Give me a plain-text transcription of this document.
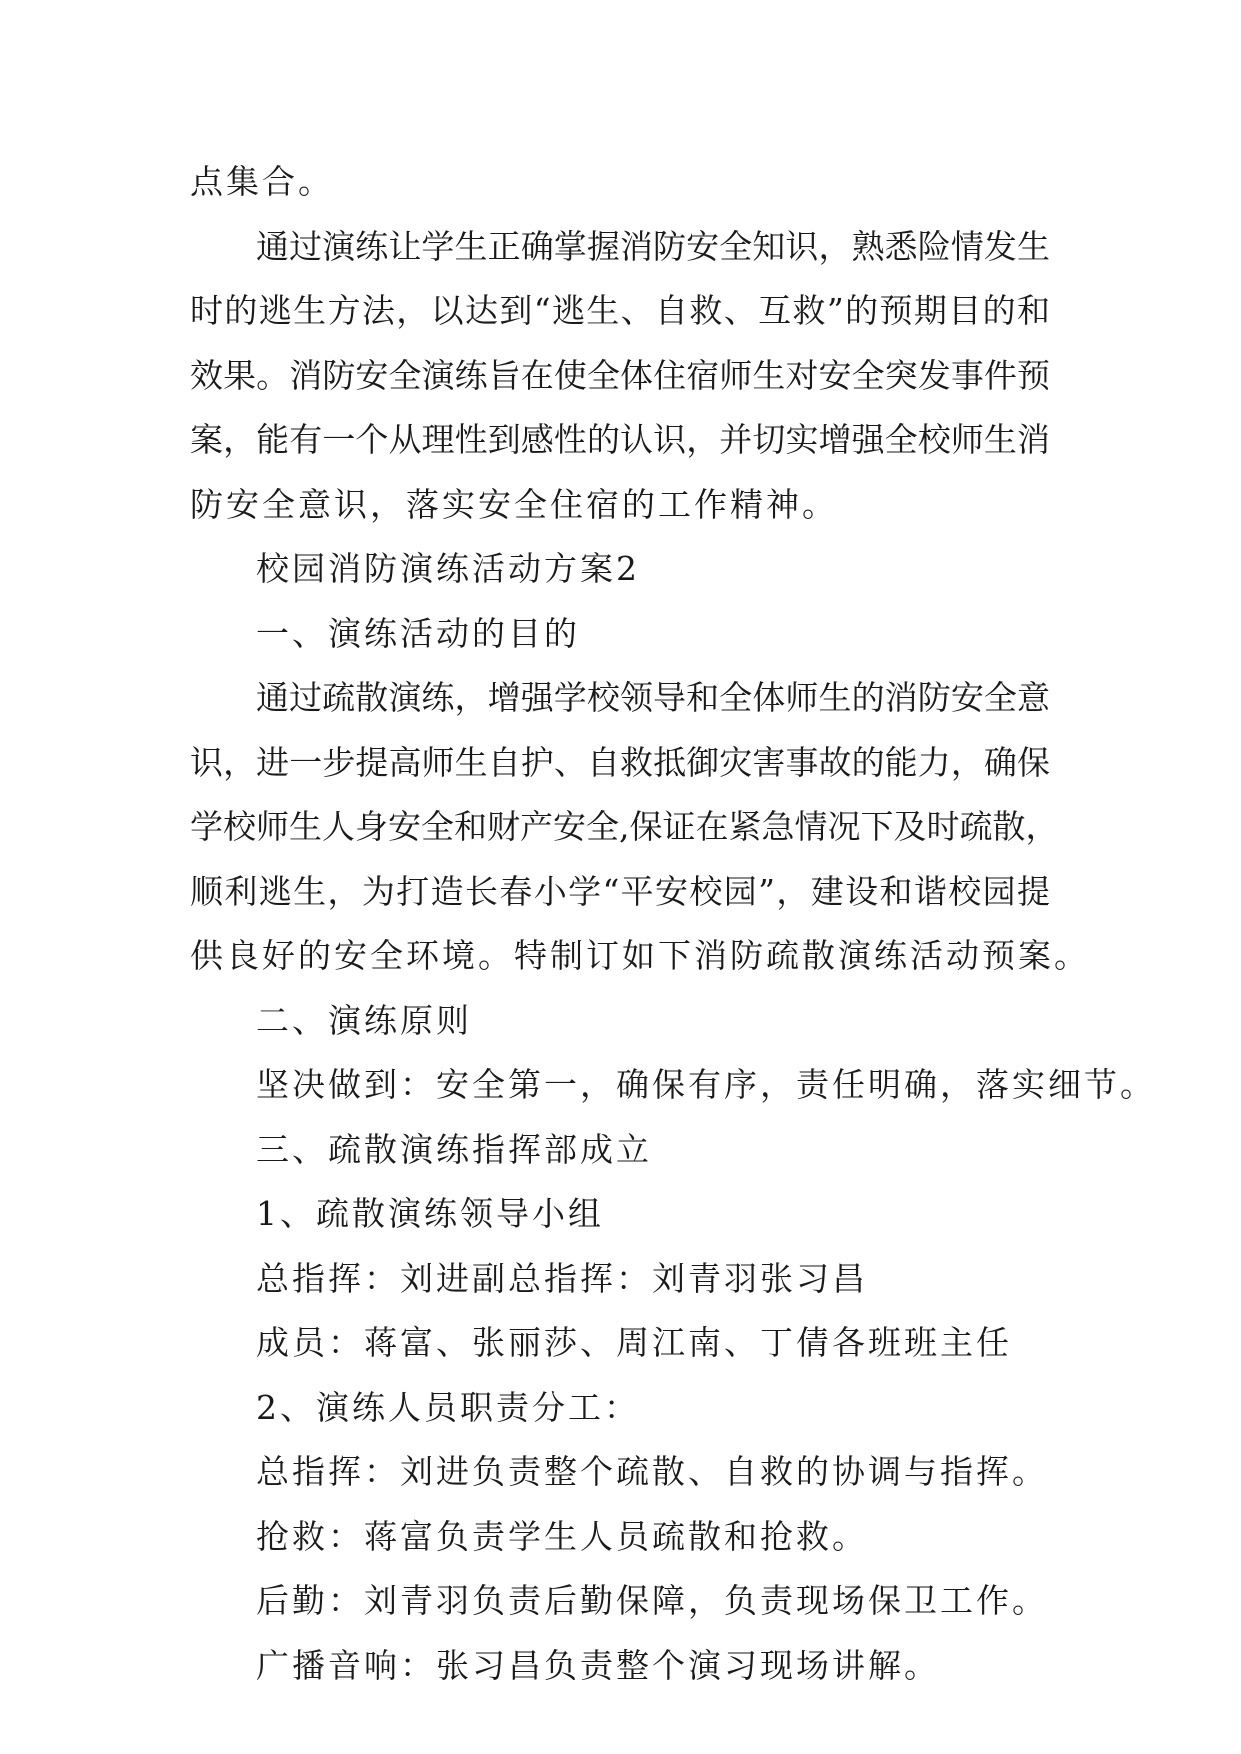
点集合。
通过演练让学生正确掌握消防安全知识，熟悉险情发生
时的逃生方法，以达到“逃生、自救、互救”的预期目的和
效果。消防安全演练旨在使全体住宿师生对安全突发事件预
案，能有一个从理性到感性的认识，并切实增强全校师生消
防安全意识，落实安全住宿的工作精神。
校园消防演练活动方案2
一、演练活动的目的
通过疏散演练，增强学校领导和全体师生的消防安全意
识，进一步提高师生自护、自救抵御灾害事故的能力，确保
学校师生人身安全和财产安全,保证在紧急情况下及时疏散，
顺利逃生，为打造长春小学“平安校园”，建设和谐校园提
供良好的安全环境。特制订如下消防疏散演练活动预案。
二、演练原则
坚决做到：安全第一，确保有序，责任明确，落实细节。
三、疏散演练指挥部成立
1、疏散演练领导小组
总指挥：刘进副总指挥：刘青羽张习昌
成员：蒋富、张丽莎、周江南、丁倩各班班主任
2、演练人员职责分工：
总指挥：刘进负责整个疏散、自救的协调与指挥。
抢救：蒋富负责学生人员疏散和抢救。
后勤：刘青羽负责后勤保障，负责现场保卫工作。
广播音响：张习昌负责整个演习现场讲解。
